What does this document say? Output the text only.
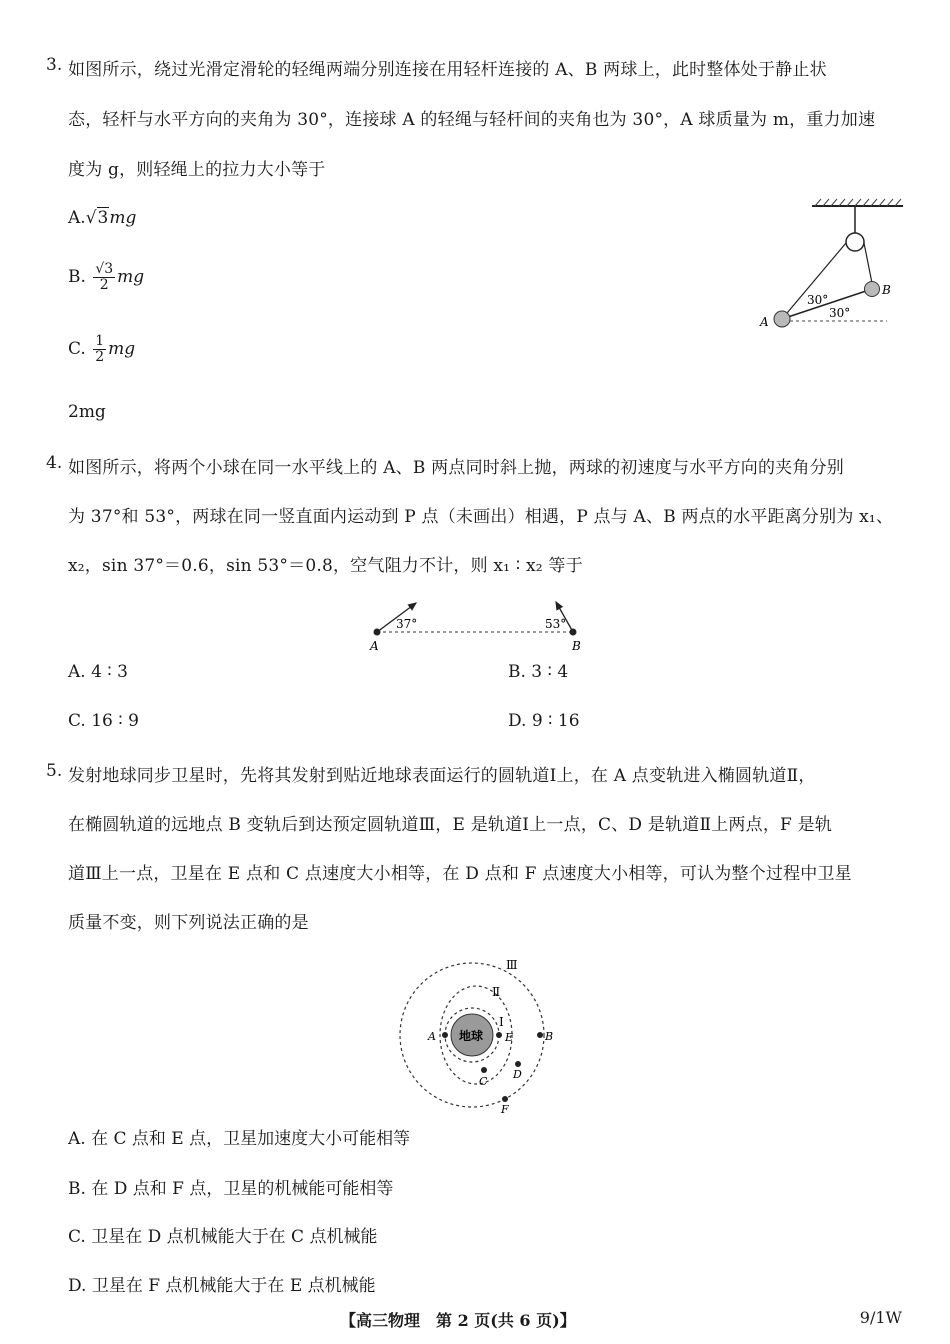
3. 如图所示，绕过光滑定滑轮的轻绳两端分别连接在用轻杆连接的 A、B 两球上，此时整体处于静止状
态，轻杆与水平方向的夹角为 30°，连接球 A 的轻绳与轻杆间的夹角也为 30°，A 球质量为 m，重力加速
度为 g，则轻绳上的拉力大小等于
A.√3mg
B. $\frac{√3}{2}$ mg
C. $\frac{1}{2}$ mg
2mg
30°
30°
A
B
4. 如图所示，将两个小球在同一水平线上的 A、B 两点同时斜上抛，两球的初速度与水平方向的夹角分别
为 37°和 53°，两球在同一竖直面内运动到 P 点（未画出）相遇，P 点与 A、B 两点的水平距离分别为 x₁、
x₂，sin 37°＝0.6，sin 53°＝0.8，空气阻力不计，则 x₁ ∶ x₂ 等于
37°	53°
A	B
A. 4 ∶ 3	B. 3 ∶ 4
C. 16 ∶ 9	D. 9 ∶ 16
5. 发射地球同步卫星时，先将其发射到贴近地球表面运行的圆轨道Ⅰ上，在 A 点变轨进入椭圆轨道Ⅱ，
在椭圆轨道的远地点 B 变轨后到达预定圆轨道Ⅲ，E 是轨道Ⅰ上一点，C、D 是轨道Ⅱ上两点，F 是轨
道Ⅲ上一点，卫星在 E 点和 C 点速度大小相等，在 D 点和 F 点速度大小相等，可认为整个过程中卫星
质量不变，则下列说法正确的是
地球
A	B
C
D
E
F
Ⅰ
Ⅱ
Ⅲ
A. 在 C 点和 E 点，卫星加速度大小可能相等
B. 在 D 点和 F 点，卫星的机械能可能相等
C. 卫星在 D 点机械能大于在 C 点机械能
D. 卫星在 F 点机械能大于在 E 点机械能
【高三物理　第 2 页(共 6 页)】	9/1W
